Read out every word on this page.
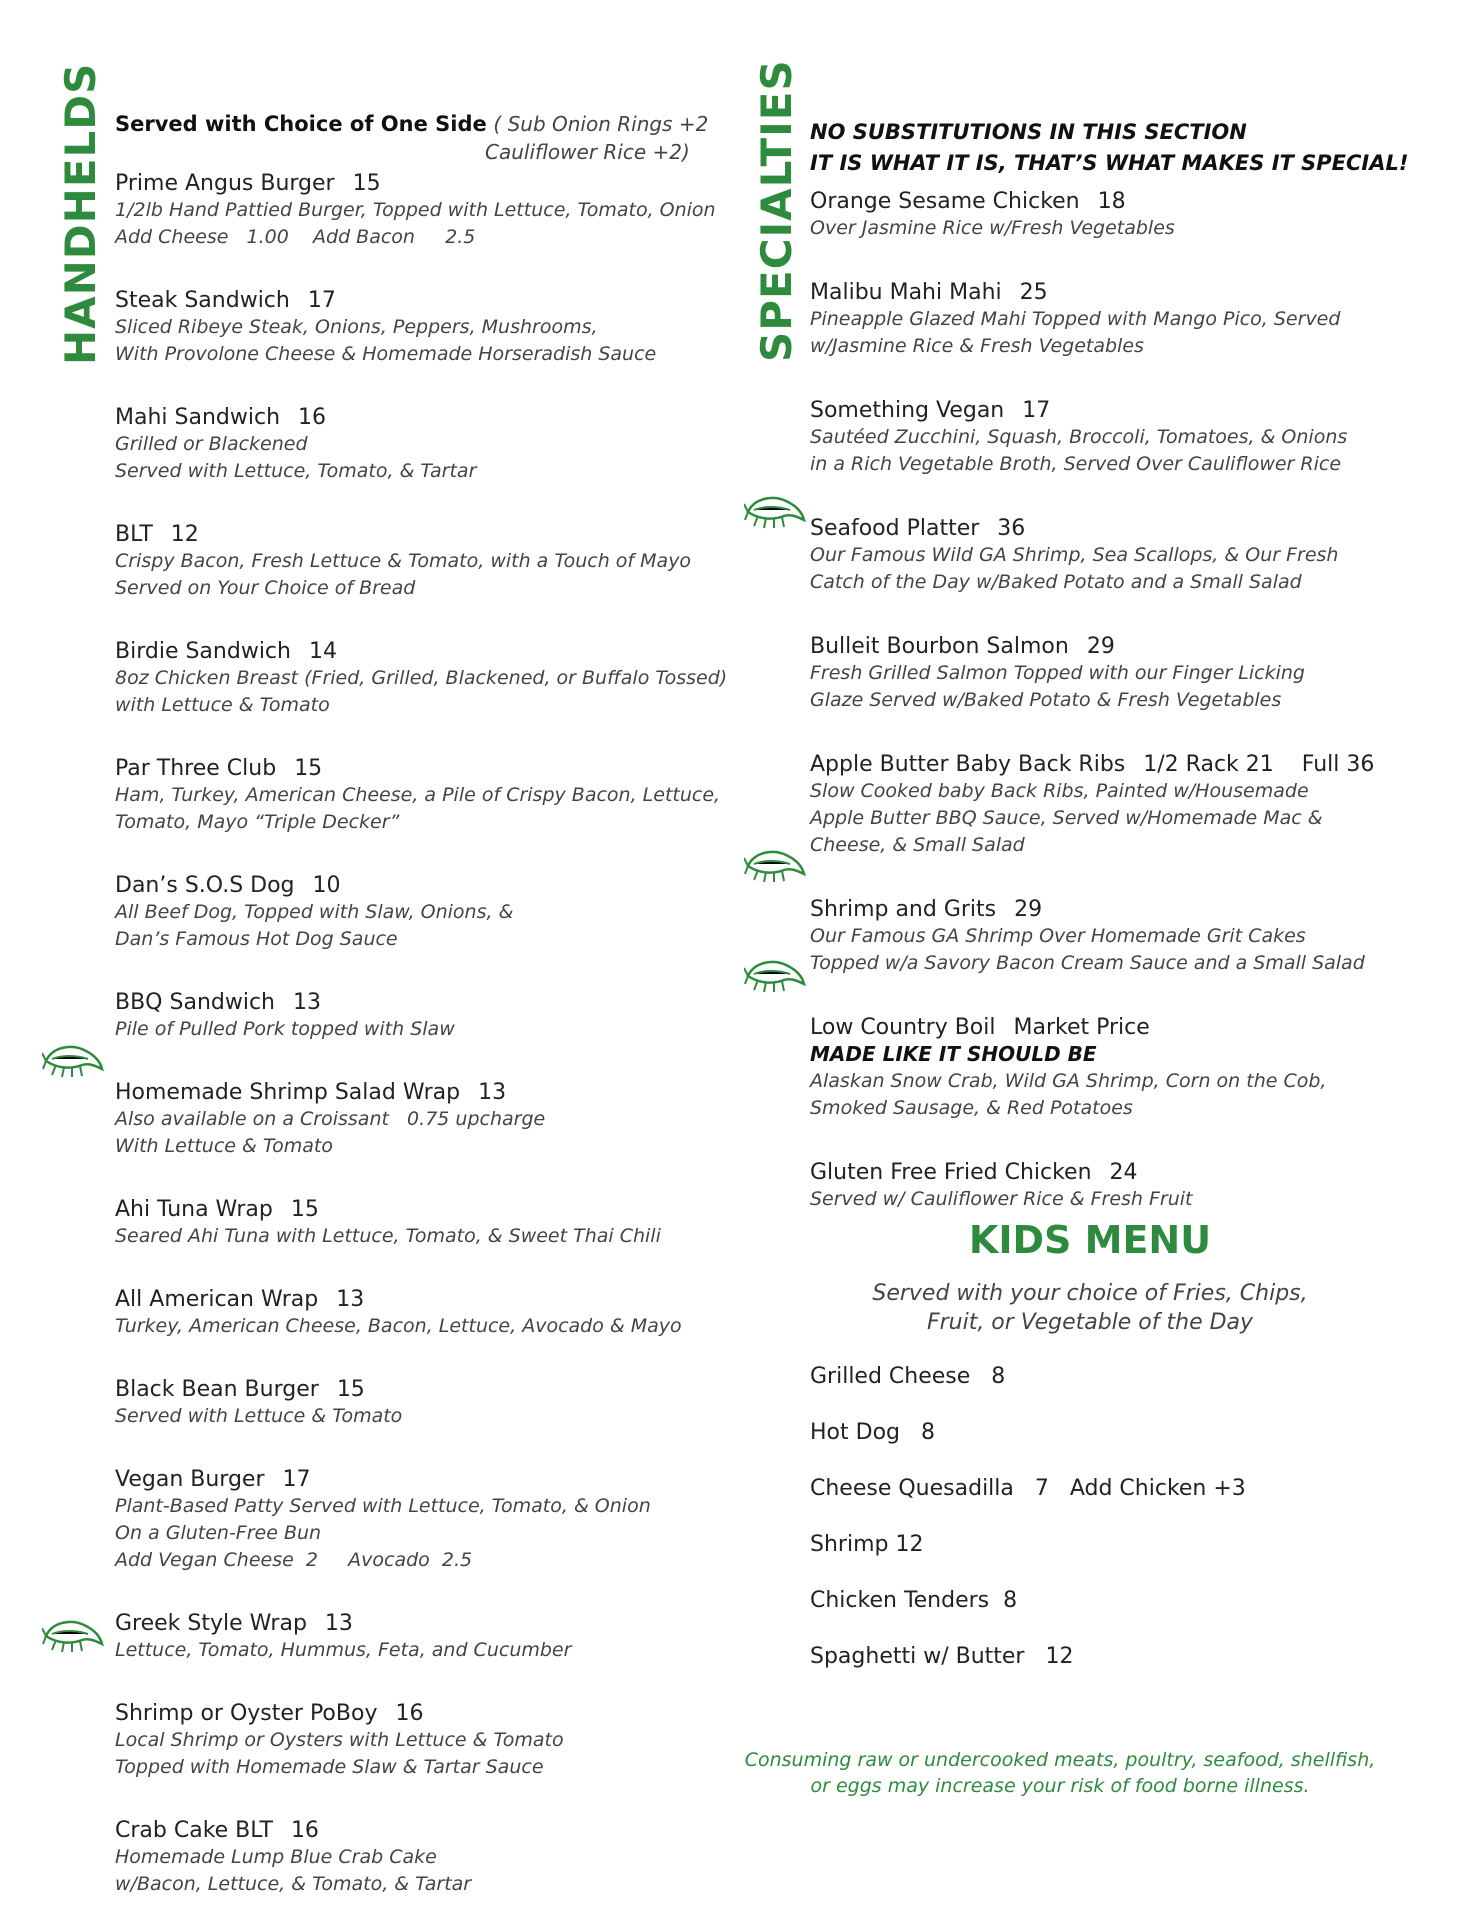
HANDHELDS	SPECIALTIES
Served with Choice of One Side ( Sub Onion Rings +2
Cauliflower Rice +2)
Prime Angus Burger 15
1/2lb Hand Pattied Burger, Topped with Lettuce, Tomato, Onion
Add Cheese   1.00    Add Bacon     2.5
Steak Sandwich 17
Sliced Ribeye Steak, Onions, Peppers, Mushrooms,
With Provolone Cheese & Homemade Horseradish Sauce
Mahi Sandwich 16
Grilled or Blackened
Served with Lettuce, Tomato, & Tartar
BLT 12
Crispy Bacon, Fresh Lettuce & Tomato, with a Touch of Mayo
Served on Your Choice of Bread
Birdie Sandwich 14
8oz Chicken Breast (Fried, Grilled, Blackened, or Buffalo Tossed)
with Lettuce & Tomato
Par Three Club 15
Ham, Turkey, American Cheese, a Pile of Crispy Bacon, Lettuce,
Tomato, Mayo “Triple Decker”
Dan’s S.O.S Dog 10
All Beef Dog, Topped with Slaw, Onions, &
Dan’s Famous Hot Dog Sauce
BBQ Sandwich 13
Pile of Pulled Pork topped with Slaw
Homemade Shrimp Salad Wrap 13
Also available on a Croissant   0.75 upcharge
With Lettuce & Tomato
Ahi Tuna Wrap 15
Seared Ahi Tuna with Lettuce, Tomato, & Sweet Thai Chili
All American Wrap 13
Turkey, American Cheese, Bacon, Lettuce, Avocado & Mayo
Black Bean Burger 15
Served with Lettuce & Tomato
Vegan Burger 17
Plant-Based Patty Served with Lettuce, Tomato, & Onion
On a Gluten-Free Bun
Add Vegan Cheese  2     Avocado  2.5
Greek Style Wrap 13
Lettuce, Tomato, Hummus, Feta, and Cucumber
Shrimp or Oyster PoBoy 16
Local Shrimp or Oysters with Lettuce & Tomato
Topped with Homemade Slaw & Tartar Sauce
Crab Cake BLT 16
Homemade Lump Blue Crab Cake
w/Bacon, Lettuce, & Tomato, & Tartar
NO SUBSTITUTIONS IN THIS SECTION
IT IS WHAT IT IS, THAT’S WHAT MAKES IT SPECIAL!
Orange Sesame Chicken 18
Over Jasmine Rice w/Fresh Vegetables
Malibu Mahi Mahi 25
Pineapple Glazed Mahi Topped with Mango Pico, Served
w/Jasmine Rice & Fresh Vegetables
Something Vegan 17
Sautéed Zucchini, Squash, Broccoli, Tomatoes, & Onions
in a Rich Vegetable Broth, Served Over Cauliflower Rice
Seafood Platter 36
Our Famous Wild GA Shrimp, Sea Scallops, & Our Fresh
Catch of the Day w/Baked Potato and a Small Salad
Bulleit Bourbon Salmon 29
Fresh Grilled Salmon Topped with our Finger Licking
Glaze Served w/Baked Potato & Fresh Vegetables
Apple Butter Baby Back Ribs 1/2 Rack 21    Full 36
Slow Cooked baby Back Ribs, Painted w/Housemade
Apple Butter BBQ Sauce, Served w/Homemade Mac &
Cheese, & Small Salad
Shrimp and Grits 29
Our Famous GA Shrimp Over Homemade Grit Cakes
Topped w/a Savory Bacon Cream Sauce and a Small Salad
Low Country Boil Market Price
MADE LIKE IT SHOULD BE
Alaskan Snow Crab, Wild GA Shrimp, Corn on the Cob,
Smoked Sausage, & Red Potatoes
Gluten Free Fried Chicken 24
Served w/ Cauliflower Rice & Fresh Fruit
KIDS MENU
Served with your choice of Fries, Chips,
Fruit, or Vegetable of the Day
Grilled Cheese   8
Hot Dog   8
Cheese Quesadilla   7   Add Chicken +3
Shrimp 12
Chicken Tenders  8
Spaghetti w/ Butter   12
Consuming raw or undercooked meats, poultry, seafood, shellfish,
or eggs may increase your risk of food borne illness.
